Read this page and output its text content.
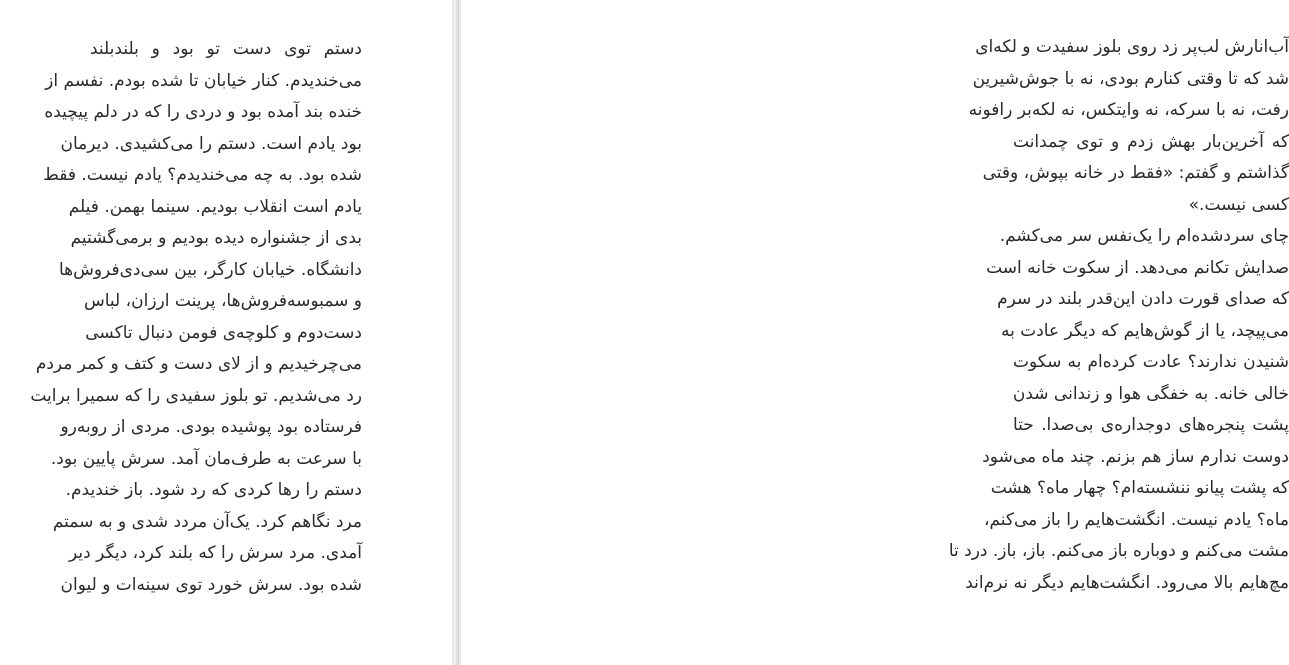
دستم توی دست تو بود و بلندبلند
می‌خندیدم. کنار خیابان تا شده بودم. نفسم از
خنده بند آمده بود و دردی را که در دلم پیچیده
بود یادم است. دستم را می‌کشیدی. دیرمان
شده بود. به چه می‌خندیدم؟ یادم نیست. فقط
یادم است انقلاب بودیم. سینما بهمن. فیلم
بدی از جشنواره دیده بودیم و برمی‌گشتیم
دانشگاه. خیابان کارگر، بین سی‌دی‌فروش‌ها
و سمبوسه‌فروش‌ها، پرینت ارزان، لباس
دست‌دوم و کلوچه‌ی فومن دنبال تاکسی
می‌چرخیدیم و از لای دست و کتف و کمر مردم
رد می‌شدیم. تو بلوز سفیدی را که سمیرا برایت
فرستاده بود پوشیده بودی. مردی از روبه‌رو
با سرعت به طرف‌مان آمد. سرش پایین بود.
دستم را رها کردی که رد شود. باز خندیدم.
مرد نگاهم کرد. یک‌آن مردد شدی و به سمتم
آمدی. مرد سرش را که بلند کرد، دیگر دیر
شده بود. سرش خورد توی سینه‌ات و لیوان
آب‌انارش لب‌پر زد روی بلوز سفیدت و لکه‌ای
شد که تا وقتی کنارم بودی، نه با جوش‌شیرین
رفت، نه با سرکه، نه وایتکس، نه لکه‌بر رافونه
که آخرین‌بار بهش زدم و توی چمدانت
گذاشتم و گفتم: «فقط در خانه بپوش، وقتی
کسی نیست.»
چای سردشده‌ام را یک‌نفس سر می‌کشم.
صدایش تکانم می‌دهد. از سکوت خانه است
که صدای قورت دادن این‌قدر بلند در سرم
می‌پیچد، یا از گوش‌هایم که دیگر عادت به
شنیدن ندارند؟ عادت کرده‌ام به سکوت
خالی خانه. به خفگی هوا و زندانی شدن
پشت پنجره‌های دوجداره‌ی بی‌صدا. حتا
دوست ندارم ساز هم بزنم. چند ماه می‌شود
که پشت پیانو ننشسته‌ام؟ چهار ماه؟ هشت
ماه؟ یادم نیست. انگشت‌هایم را باز می‌کنم،
مشت می‌کنم و دوباره باز می‌کنم. باز، باز. درد تا
مچ‌هایم بالا می‌رود. انگشت‌هایم دیگر نه نرم‌اند
